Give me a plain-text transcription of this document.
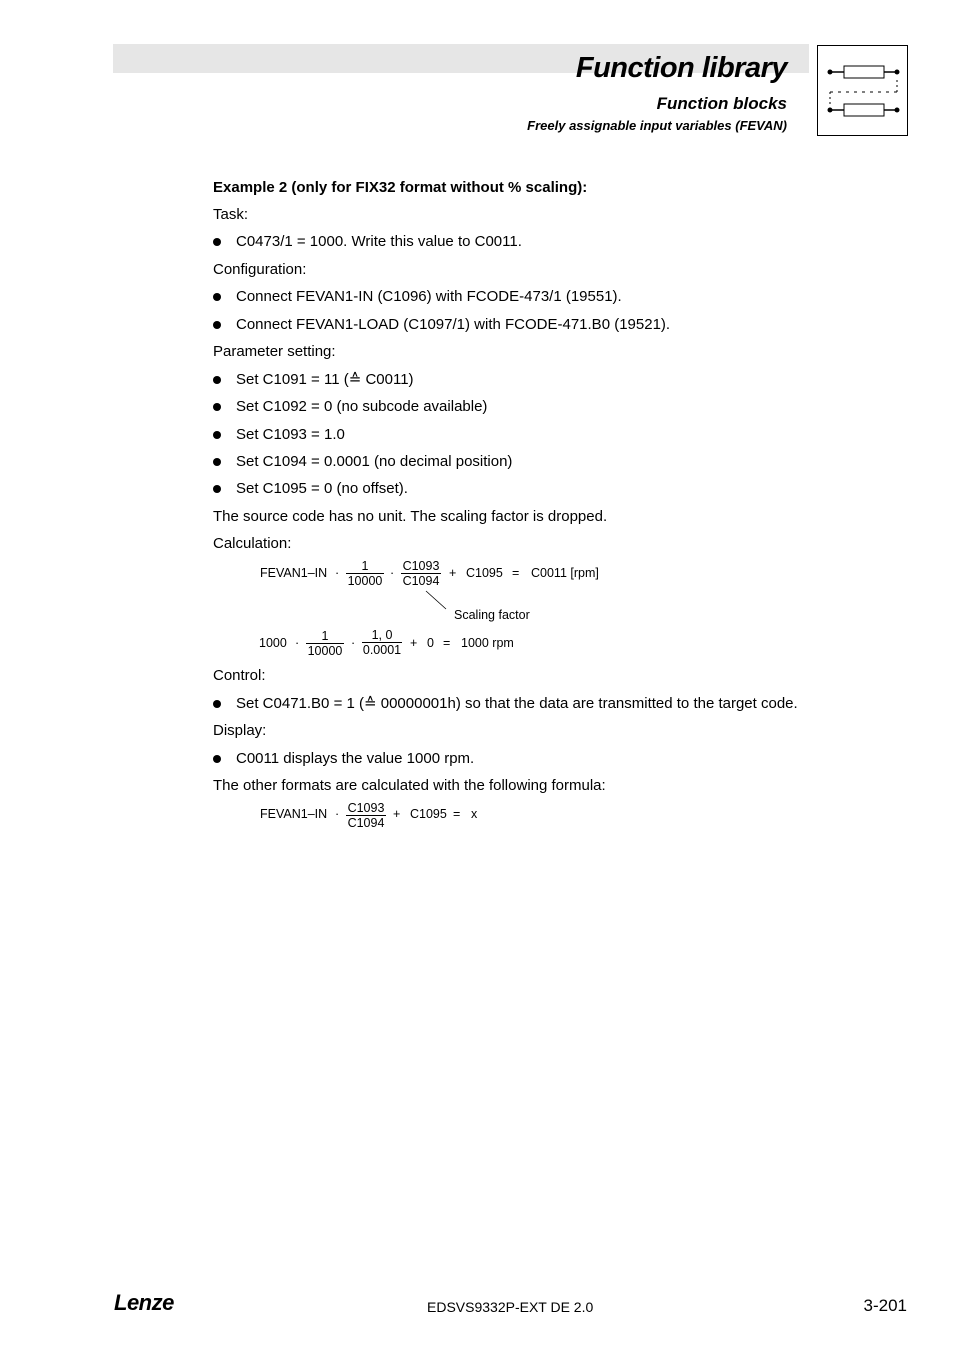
Function library
Function blocks
Freely assignable input variables (FEVAN)
Example 2 (only for FIX32 format without % scaling):
Task:
C0473/1 = 1000. Write this value to C0011.
Configuration:
Connect FEVAN1-IN (C1096) with FCODE-473/1 (19551).
Connect FEVAN1-LOAD (C1097/1) with FCODE-471.B0 (19521).
Parameter setting:
Set C1091 = 11 (≙ C0011)
Set C1092 = 0 (no subcode available)
Set C1093 = 1.0
Set C1094 = 0.0001 (no decimal position)
Set C1095 = 0 (no offset).
The source code has no unit. The scaling factor is dropped.
Calculation:
FEVAN1–IN · $\frac{1}{10000} \cdot \frac{C1093}{C1094} + C1095 = C0011$ [rpm]
Scaling factor
$1000 \cdot \frac{1}{10000} \cdot \frac{1, 0}{0.0001} + 0 = 1000$ rpm
Control:
Set C0471.B0 = 1 (≙ 00000001h) so that the data are transmitted to the target code.
Display:
C0011 displays the value 1000 rpm.
The other formats are calculated with the following formula:
FEVAN1–IN · $\frac{C1093}{C1094} + C1095 = x$
Lenze	EDSVS9332P-EXT DE 2.0	3-201
